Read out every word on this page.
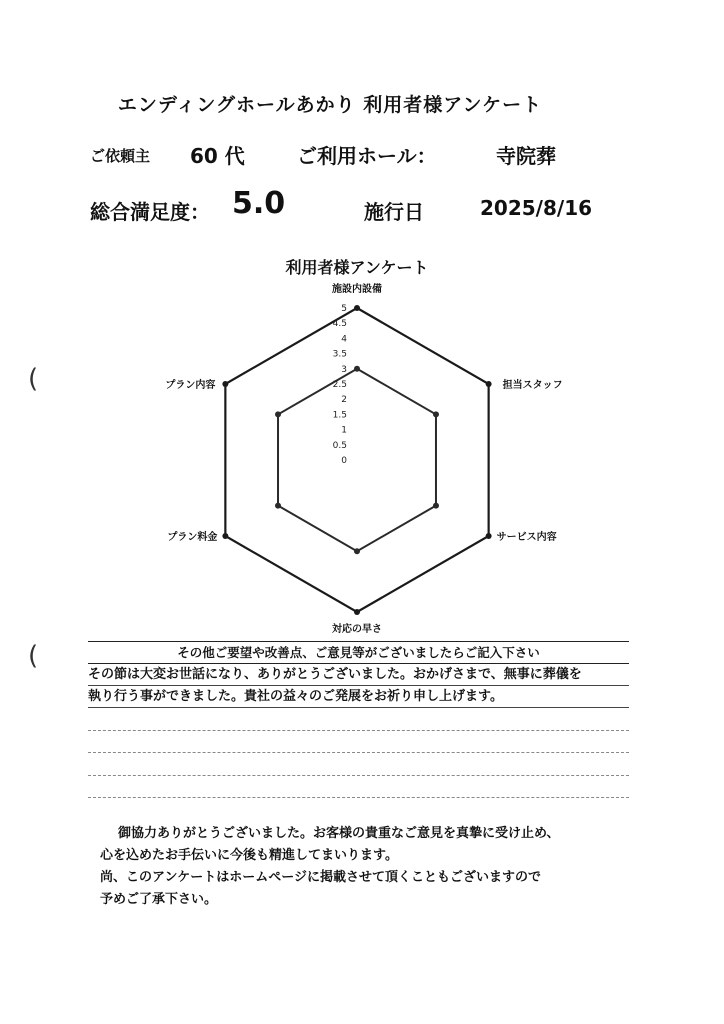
エンディングホールあかり 利用者様アンケート
ご依頼主 60 代	ご利用ホール：	寺院葬
総合満足度： 5.0	施行日	2025/8/16
利用者様アンケート
5
4.5
4
3.5
3
2.5
2
1.5
1
0.5
0
施設内設備
担当スタッフ
サービス内容
対応の早さ
プラン料金
プラン内容
(
(	その他ご要望や改善点、ご意見等がございましたらご記入下さい
その節は大変お世話になり、ありがとうございました。おかげさまで、無事に葬儀を
執り行う事ができました。貴社の益々のご発展をお祈り申し上げます。

御協力ありがとうございました。お客様の貴重なご意見を真摯に受け止め、

心を込めたお手伝いに今後も精進してまいります。

尚、このアンケートはホームページに掲載させて頂くこともございますので

予めご了承下さい。
